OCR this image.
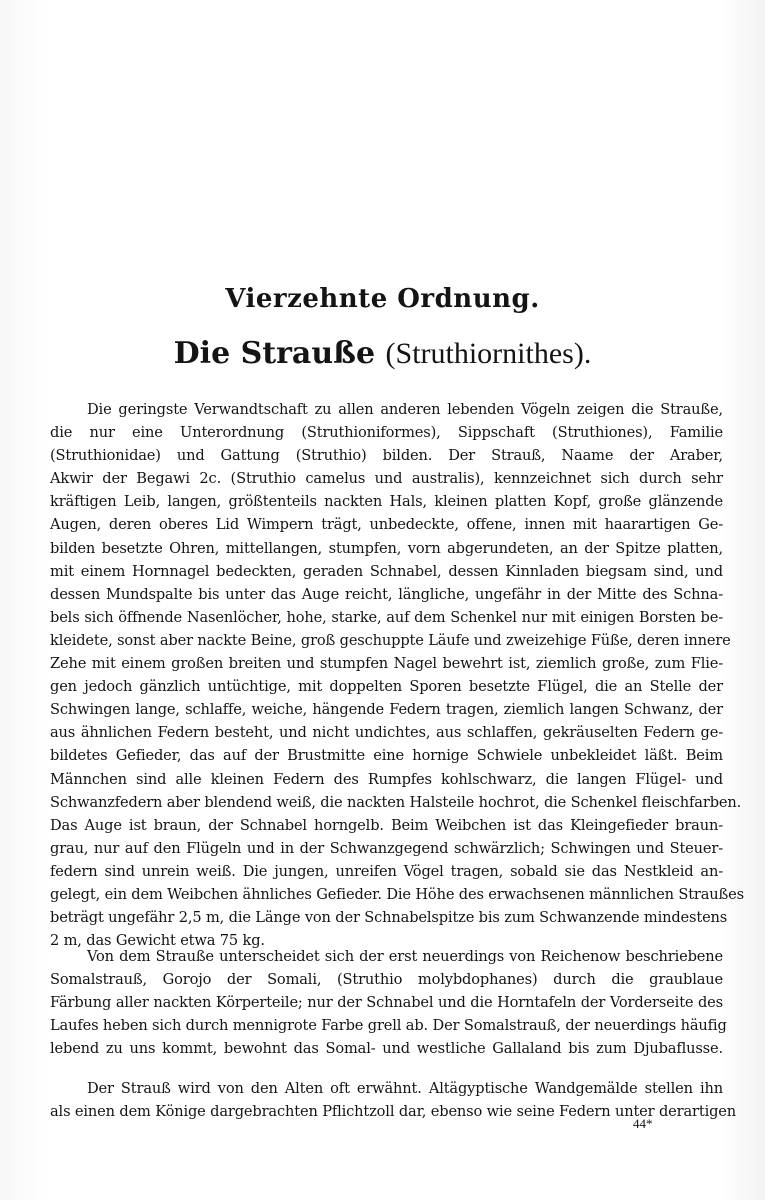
Vierzehnte Ordnung.
Die Strauße (Struthiornithes).
Die geringste Verwandtschaft zu allen anderen lebenden Vögeln zeigen die Strauße,
die nur eine Unterordnung (Struthioniformes), Sippschaft (Struthiones), Familie
(Struthionidae) und Gattung (Struthio) bilden. Der Strauß, Naame der Araber,
Akwir der Begawi 2c. (Struthio camelus und australis), kennzeichnet sich durch sehr
kräftigen Leib, langen, größtenteils nackten Hals, kleinen platten Kopf, große glänzende
Augen, deren oberes Lid Wimpern trägt, unbedeckte, offene, innen mit haarartigen Ge-
bilden besetzte Ohren, mittellangen, stumpfen, vorn abgerundeten, an der Spitze platten,
mit einem Hornnagel bedeckten, geraden Schnabel, dessen Kinnladen biegsam sind, und
dessen Mundspalte bis unter das Auge reicht, längliche, ungefähr in der Mitte des Schna-
bels sich öffnende Nasenlöcher, hohe, starke, auf dem Schenkel nur mit einigen Borsten be-
kleidete, sonst aber nackte Beine, groß geschuppte Läufe und zweizehige Füße, deren innere
Zehe mit einem großen breiten und stumpfen Nagel bewehrt ist, ziemlich große, zum Flie-
gen jedoch gänzlich untüchtige, mit doppelten Sporen besetzte Flügel, die an Stelle der
Schwingen lange, schlaffe, weiche, hängende Federn tragen, ziemlich langen Schwanz, der
aus ähnlichen Federn besteht, und nicht undichtes, aus schlaffen, gekräuselten Federn ge-
bildetes Gefieder, das auf der Brustmitte eine hornige Schwiele unbekleidet läßt. Beim
Männchen sind alle kleinen Federn des Rumpfes kohlschwarz, die langen Flügel- und
Schwanzfedern aber blendend weiß, die nackten Halsteile hochrot, die Schenkel fleischfarben.
Das Auge ist braun, der Schnabel horngelb. Beim Weibchen ist das Kleingefieder braun-
grau, nur auf den Flügeln und in der Schwanzgegend schwärzlich; Schwingen und Steuer-
federn sind unrein weiß. Die jungen, unreifen Vögel tragen, sobald sie das Nestkleid an-
gelegt, ein dem Weibchen ähnliches Gefieder. Die Höhe des erwachsenen männlichen Straußes
beträgt ungefähr 2,5 m, die Länge von der Schnabelspitze bis zum Schwanzende mindestens
2 m, das Gewicht etwa 75 kg.
Von dem Strauße unterscheidet sich der erst neuerdings von Reichenow beschriebene
Somalstrauß, Gorojo der Somali, (Struthio molybdophanes) durch die graublaue
Färbung aller nackten Körperteile; nur der Schnabel und die Horntafeln der Vorderseite des
Laufes heben sich durch mennigrote Farbe grell ab. Der Somalstrauß, der neuerdings häufig
lebend zu uns kommt, bewohnt das Somal- und westliche Gallaland bis zum Djubaflusse.
Der Strauß wird von den Alten oft erwähnt. Altägyptische Wandgemälde stellen ihn
als einen dem Könige dargebrachten Pflichtzoll dar, ebenso wie seine Federn unter derartigen
44*
